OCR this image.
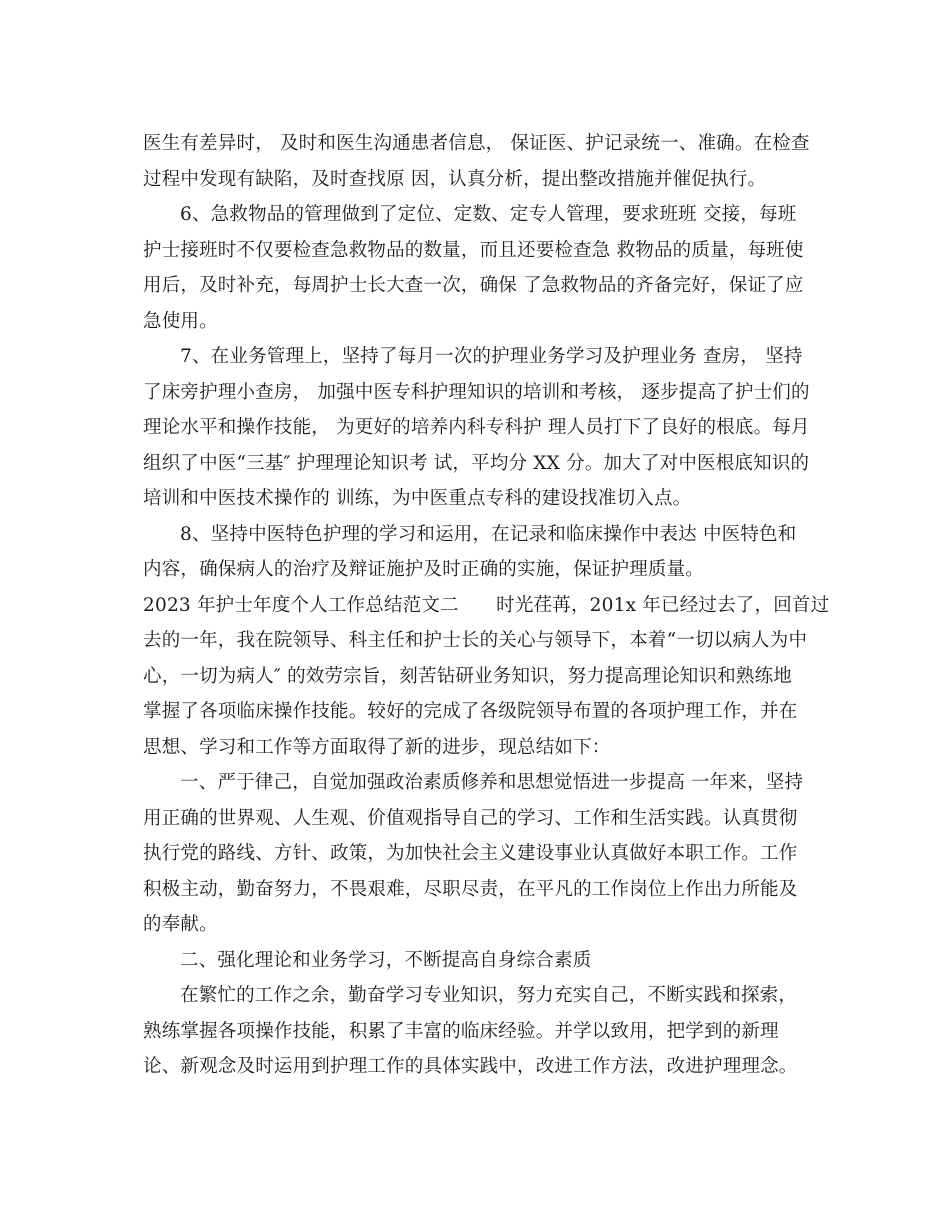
医生有差异时， 及时和医生沟通患者信息， 保证医、护记录统一、准确。在检查
过程中发现有缺陷，及时查找原 因，认真分析，提出整改措施并催促执行。

6、急救物品的管理做到了定位、定数、定专人管理，要求班班 交接，每班
护士接班时不仅要检查急救物品的数量，而且还要检查急 救物品的质量，每班使
用后，及时补充，每周护士长大查一次，确保 了急救物品的齐备完好，保证了应
急使用。

7、在业务管理上，坚持了每月一次的护理业务学习及护理业务 查房， 坚持
了床旁护理小查房， 加强中医专科护理知识的培训和考核， 逐步提高了护士们的
理论水平和操作技能， 为更好的培养内科专科护 理人员打下了良好的根底。每月
组织了中医“三基″ 护理理论知识考 试，平均分 XX 分。加大了对中医根底知识的
培训和中医技术操作的 训练，为中医重点专科的建设找准切入点。

8、坚持中医特色护理的学习和运用，在记录和临床操作中表达 中医特色和
内容，确保病人的治疗及辩证施护及时正确的实施，保证护理质量。

2023 年护士年度个人工作总结范文二　　时光荏苒，201x 年已经过去了，回首过
去的一年，我在院领导、科主任和护士长的关心与领导下，本着“一切以病人为中
心，一切为病人″ 的效劳宗旨，刻苦钻研业务知识，努力提高理论知识和熟练地
掌握了各项临床操作技能。较好的完成了各级院领导布置的各项护理工作，并在
思想、学习和工作等方面取得了新的进步，现总结如下：

一、严于律己，自觉加强政治素质修养和思想觉悟进一步提高 一年来，坚持
用正确的世界观、人生观、价值观指导自己的学习、工作和生活实践。认真贯彻
执行党的路线、方针、政策，为加快社会主义建设事业认真做好本职工作。工作
积极主动，勤奋努力，不畏艰难，尽职尽责，在平凡的工作岗位上作出力所能及
的奉献。

二、强化理论和业务学习，不断提高自身综合素质

在繁忙的工作之余，勤奋学习专业知识，努力充实自己，不断实践和探索，
熟练掌握各项操作技能，积累了丰富的临床经验。并学以致用，把学到的新理
论、新观念及时运用到护理工作的具体实践中，改进工作方法，改进护理理念。
